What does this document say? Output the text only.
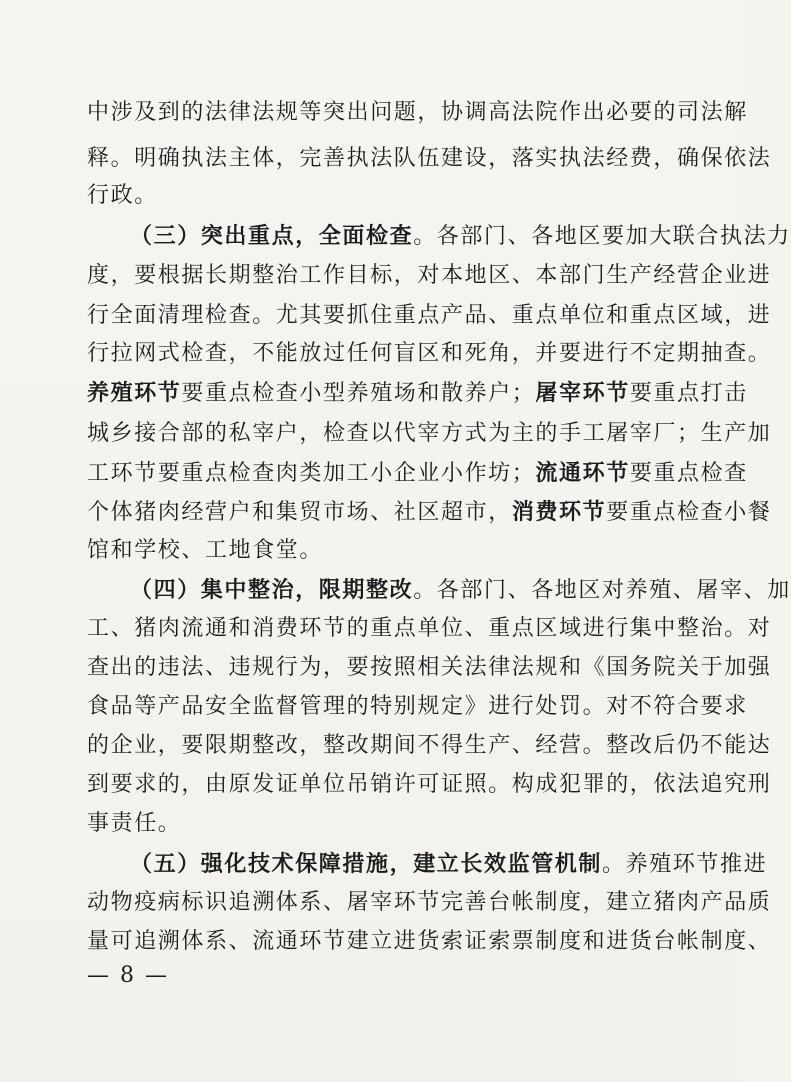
中涉及到的法律法规等突出问题，协调高法院作出必要的司法解
释。明确执法主体，完善执法队伍建设，落实执法经费，确保依法
行政。
（三）突出重点，全面检查。各部门、各地区要加大联合执法力
度，要根据长期整治工作目标，对本地区、本部门生产经营企业进
行全面清理检查。尤其要抓住重点产品、重点单位和重点区域，进
行拉网式检查，不能放过任何盲区和死角，并要进行不定期抽查。
养殖环节要重点检查小型养殖场和散养户；屠宰环节要重点打击
城乡接合部的私宰户，检查以代宰方式为主的手工屠宰厂；生产加
工环节要重点检查肉类加工小企业小作坊；流通环节要重点检查
个体猪肉经营户和集贸市场、社区超市，消费环节要重点检查小餐
馆和学校、工地食堂。
（四）集中整治，限期整改。各部门、各地区对养殖、屠宰、加
工、猪肉流通和消费环节的重点单位、重点区域进行集中整治。对
查出的违法、违规行为，要按照相关法律法规和《国务院关于加强
食品等产品安全监督管理的特别规定》进行处罚。对不符合要求
的企业，要限期整改，整改期间不得生产、经营。整改后仍不能达
到要求的，由原发证单位吊销许可证照。构成犯罪的，依法追究刑
事责任。
（五）强化技术保障措施，建立长效监管机制。养殖环节推进
动物疫病标识追溯体系、屠宰环节完善台帐制度，建立猪肉产品质
量可追溯体系、流通环节建立进货索证索票制度和进货台帐制度、
— 8 —
